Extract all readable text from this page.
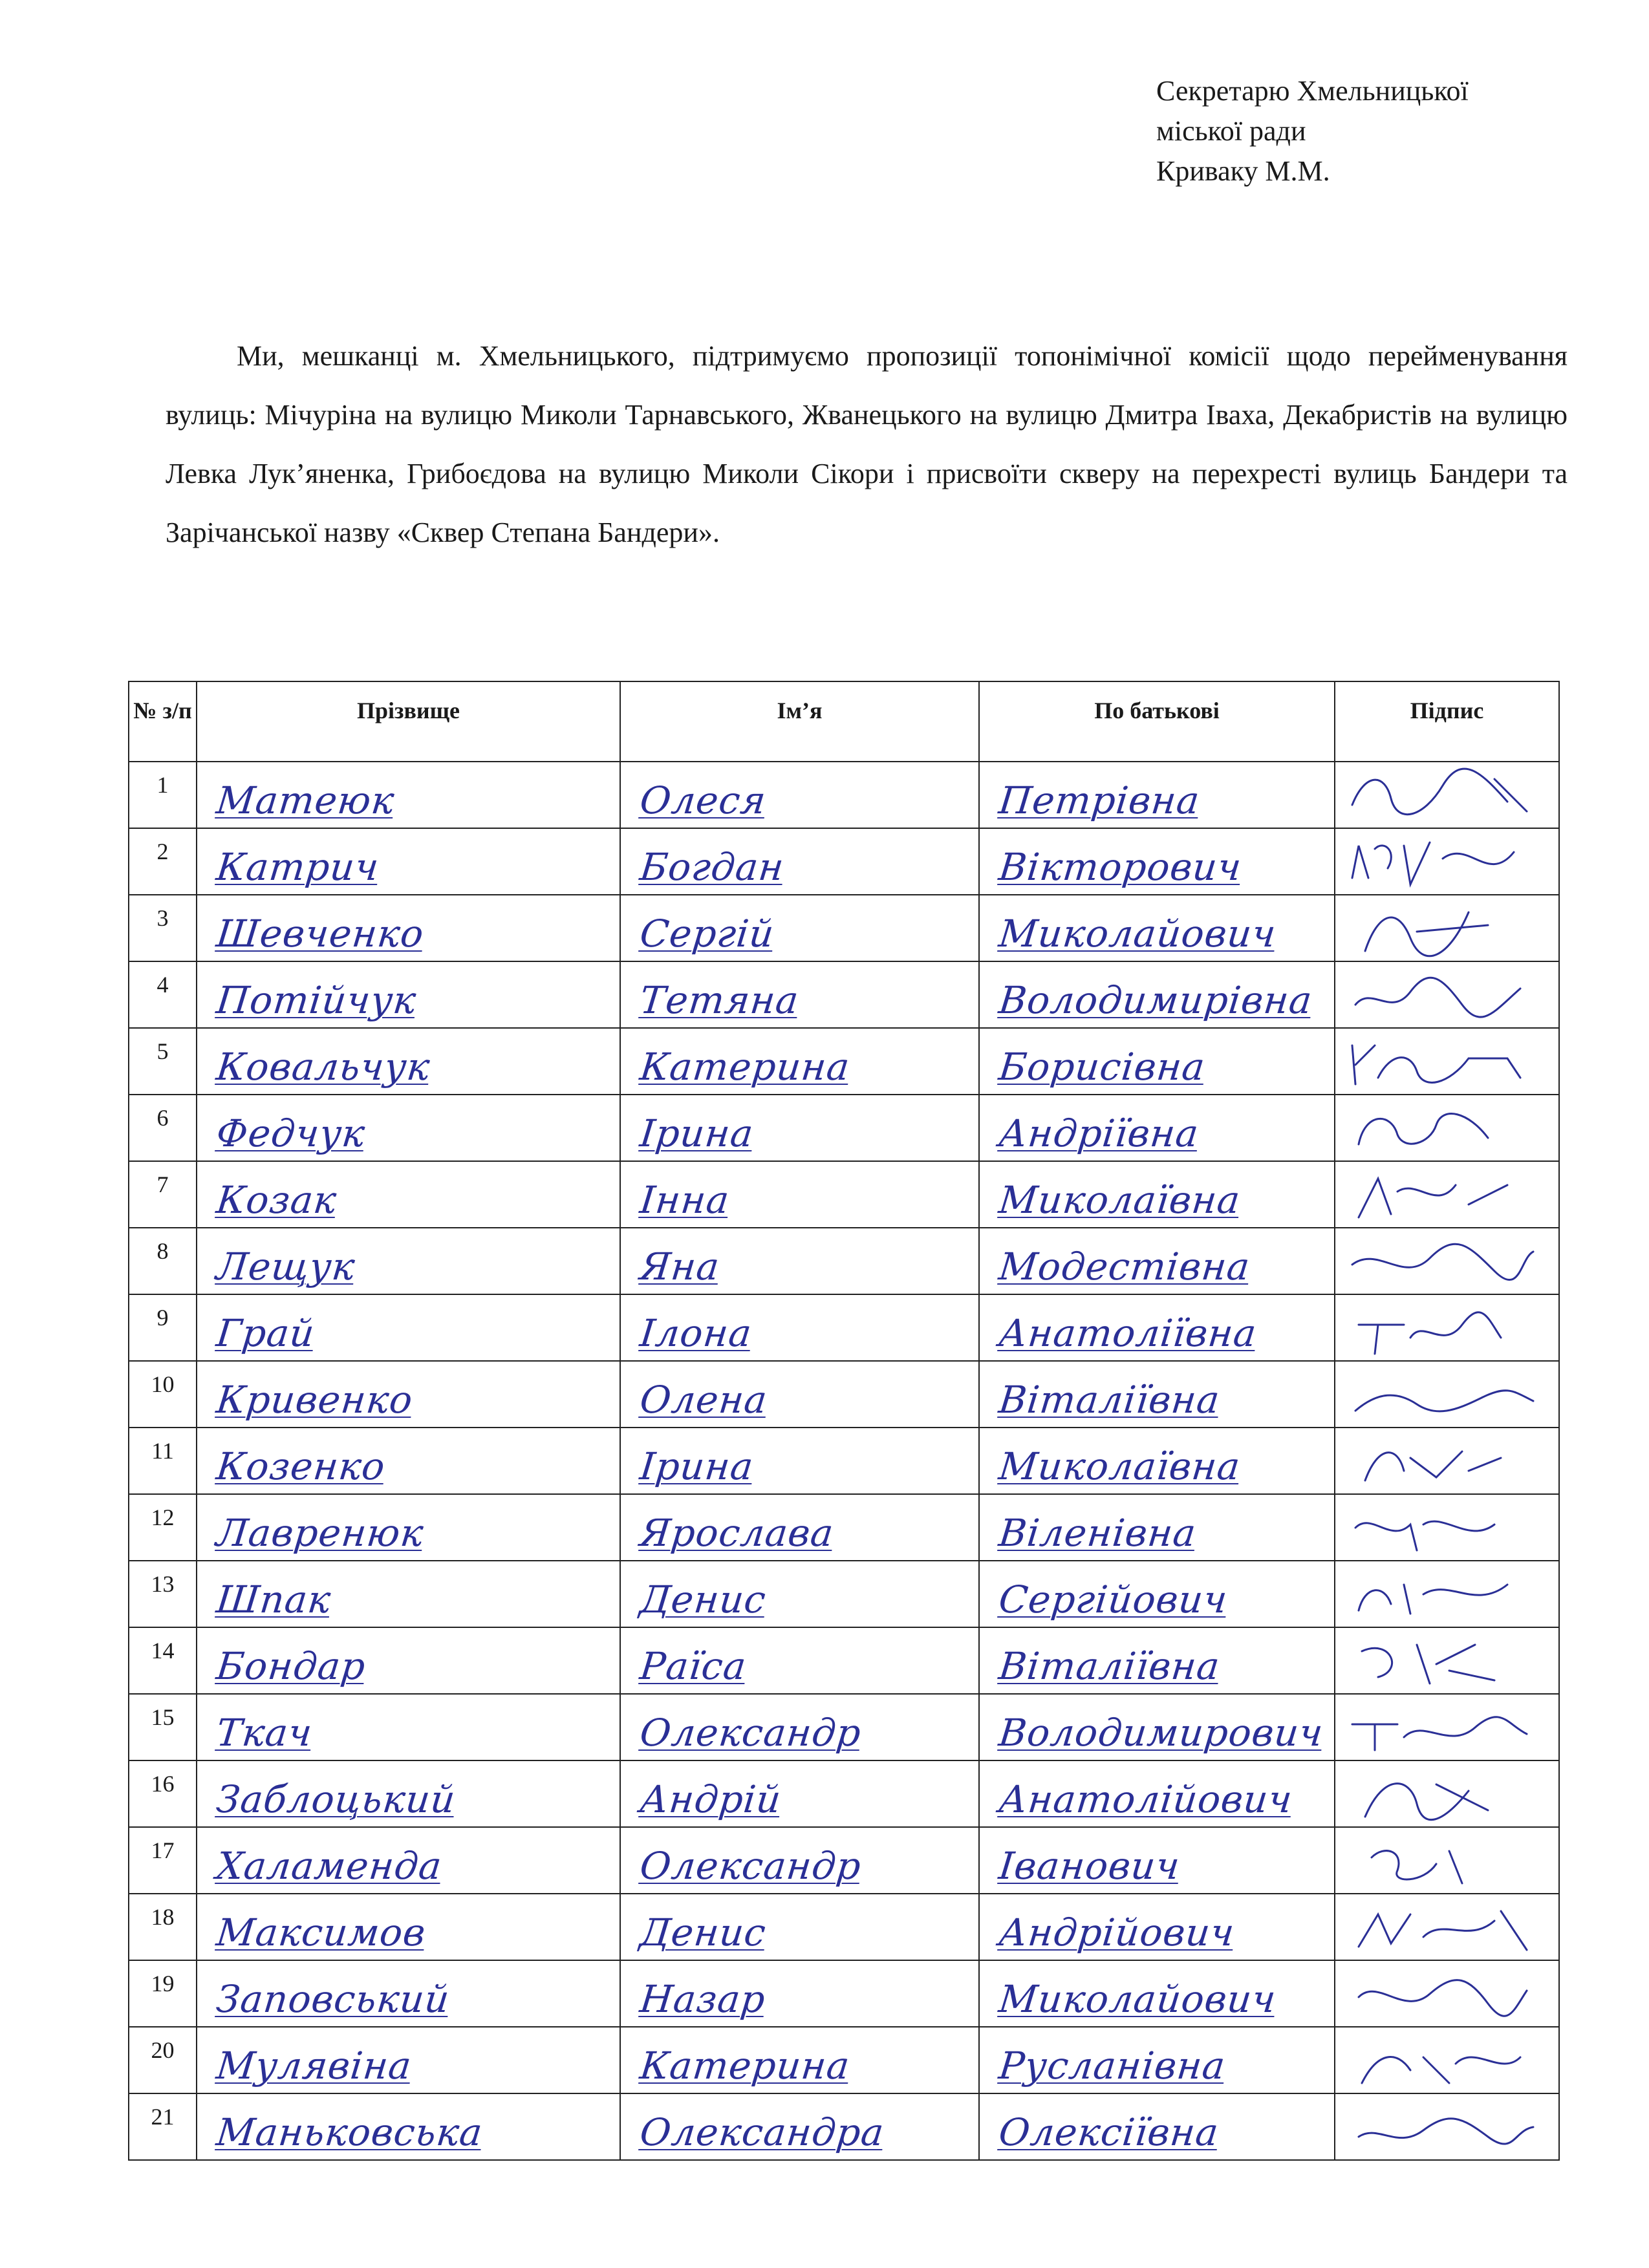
Секретарю Хмельницької
міської ради
Криваку М.М.

Ми, мешканці м. Хмельницького, підтримуємо пропозиції топонімічної комісії щодо перейменування вулиць: Мічуріна на вулицю Миколи Тарнавського, Жванецького на вулицю Дмитра Іваха, Декабристів на вулицю Левка Лук’яненка, Грибоєдова на вулицю Миколи Сікори і присвоїти скверу на перехресті вулиць Бандери та Зарічанської назву «Сквер Степана Бандери».

№ з/п	Прізвище	Ім’я	По батькові	Підпис
1	Матеюк	Олеся	Петрівна

2	Катрич	Богдан	Вікторович

3	Шевченко	Сергій	Миколайович

4	Потійчук	Тетяна	Володимирівна

5	Ковальчук	Катерина	Борисівна

6	Федчук	Ірина	Андріївна

7	Козак	Інна	Миколаївна

8	Лещук	Яна	Модестівна

9	Грай	Ілона	Анатоліївна

10	Кривенко	Олена	Віталіївна

11	Козенко	Ірина	Миколаївна

12	Лавренюк	Ярослава	Віленівна

13	Шпак	Денис	Сергійович

14	Бондар	Раїса	Віталіївна

15	Ткач	Олександр	Володимирович

16	Заблоцький	Андрій	Анатолійович

17	Халамендa	Олександр	Іванович

18	Максимов	Денис	Андрійович

19	Заповський	Назар	Миколайович

20	Мулявіна	Катерина	Русланівна

21	Маньковська	Олександра	Олексіївна
